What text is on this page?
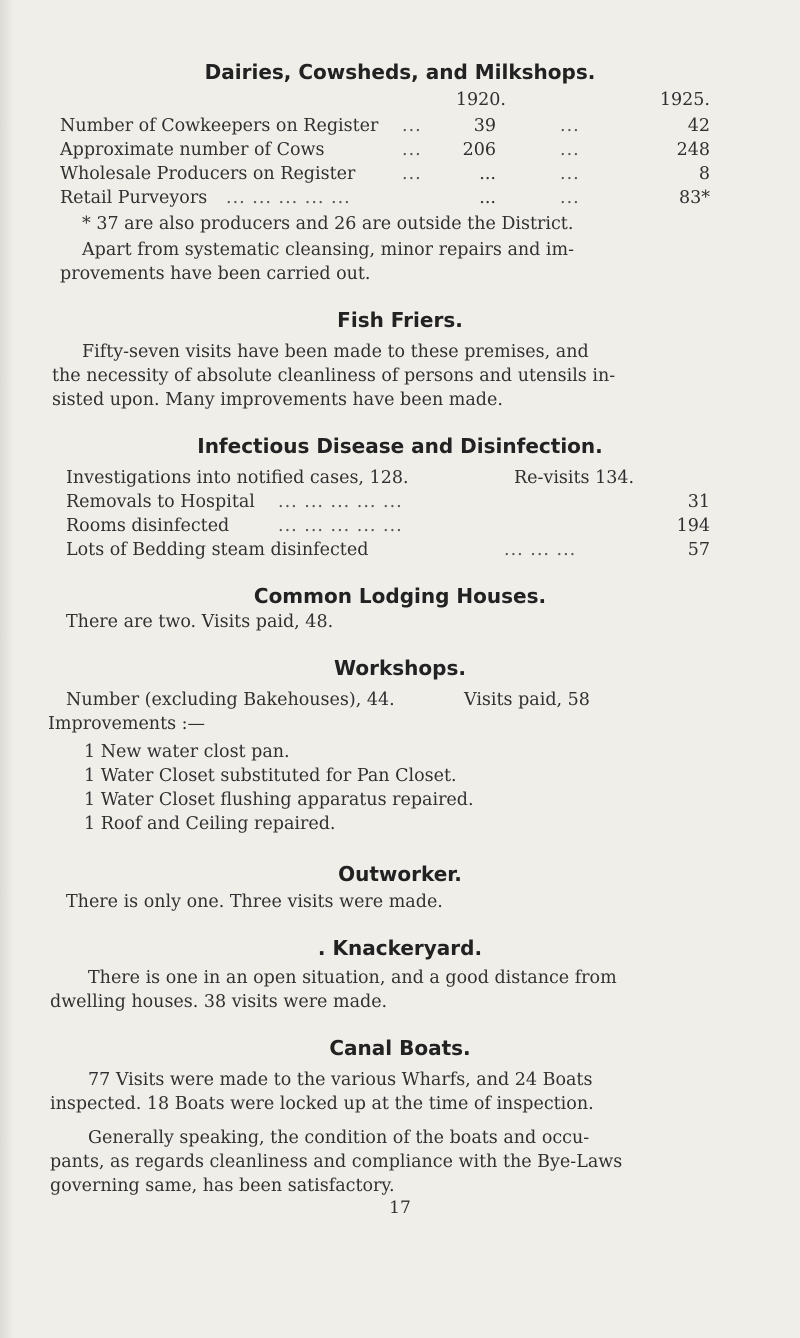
Dairies, Cowsheds, and Milkshops.
1920.	1925.
Number of Cowkeepers on Register ...	39	...	42
Approximate number of Cows	...	206	...	248
Wholesale Producers on Register	...	...	...	8
Retail Purveyors ... ... ... ... ...	...	...	83*
* 37 are also producers and 26 are outside the District.
Apart from systematic cleansing, minor repairs and im-
provements have been carried out.
Fish Friers.
Fifty-seven visits have been made to these premises, and
the necessity of absolute cleanliness of persons and utensils in-
sisted upon. Many improvements have been made.
Infectious Disease and Disinfection.
Investigations into notified cases, 128.	Re-visits 134.
Removals to Hospital ... ... ... ... ...	31
Rooms disinfected	... ... ... ... ...	194
Lots of Bedding steam disinfected	... ... ...	57
Common Lodging Houses.
There are two. Visits paid, 48.
Workshops.
Number (excluding Bakehouses), 44.	Visits paid, 58
Improvements :—
1 New water clost pan.
1 Water Closet substituted for Pan Closet.
1 Water Closet flushing apparatus repaired.
1 Roof and Ceiling repaired.
Outworker.
There is only one. Three visits were made.
. Knackeryard.
There is one in an open situation, and a good distance from
dwelling houses. 38 visits were made.
Canal Boats.
77 Visits were made to the various Wharfs, and 24 Boats
inspected. 18 Boats were locked up at the time of inspection.
Generally speaking, the condition of the boats and occu-
pants, as regards cleanliness and compliance with the Bye-Laws
governing same, has been satisfactory.
17
